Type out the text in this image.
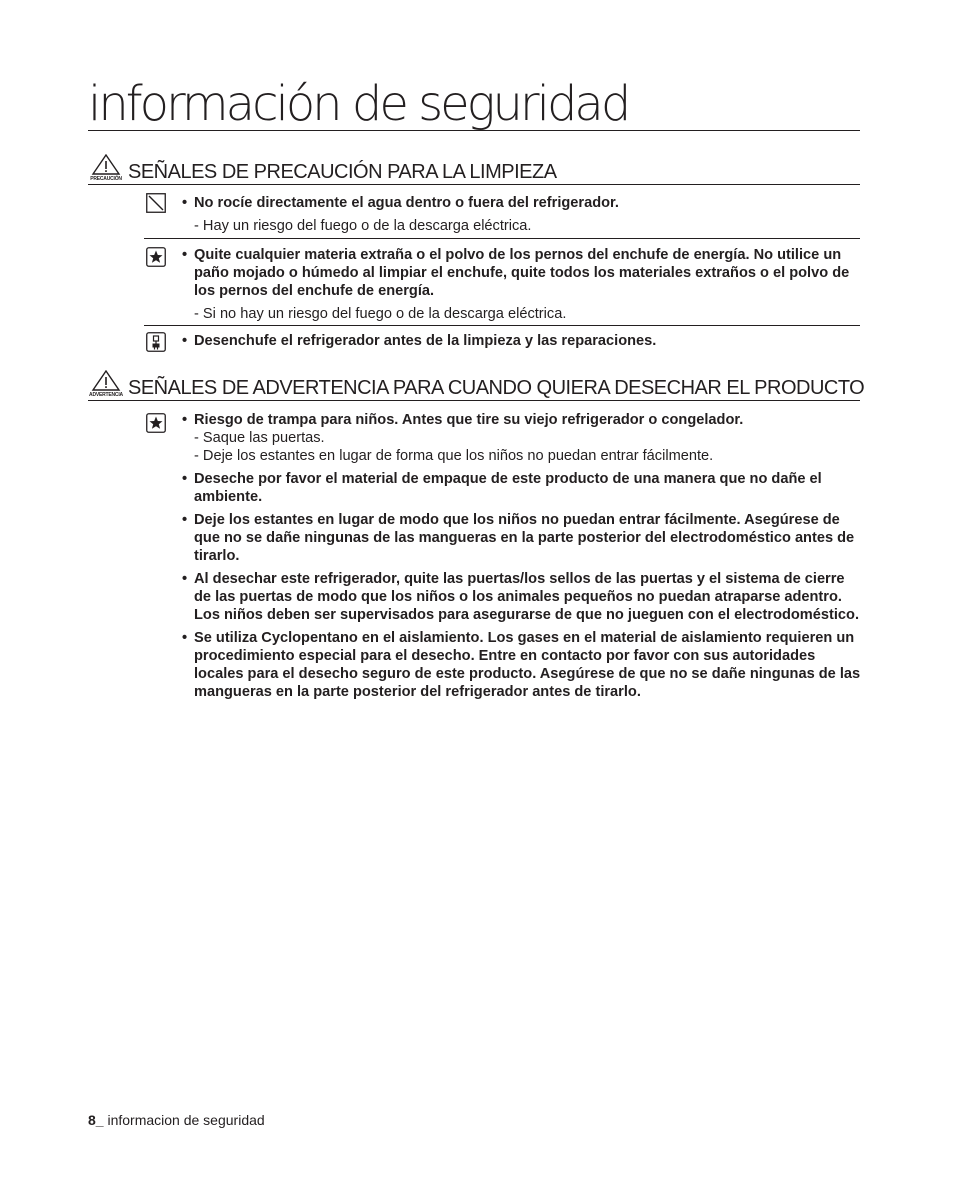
información de seguridad
PRECAUCIÓN SEÑALES DE PRECAUCIÓN PARA LA LIMPIEZA
• No rocíe directamente el agua dentro o fuera del refrigerador.
- Hay un riesgo del fuego o de la descarga eléctrica.
• Quite cualquier materia extraña o el polvo de los pernos del enchufe de energía. No utilice un paño mojado o húmedo al limpiar el enchufe, quite todos los materiales extraños o el polvo de los pernos del enchufe de energía.
- Si no hay un riesgo del fuego o de la descarga eléctrica.
• Desenchufe el refrigerador antes de la limpieza y las reparaciones.
ADVERTENCIA SEÑALES DE ADVERTENCIA PARA CUANDO QUIERA DESECHAR EL PRODUCTO
• Riesgo de trampa para niños. Antes que tire su viejo refrigerador o congelador.
- Saque las puertas.
- Deje los estantes en lugar de forma que los niños no puedan entrar fácilmente.
• Deseche por favor el material de empaque de este producto de una manera que no dañe el ambiente.
• Deje los estantes en lugar de modo que los niños no puedan entrar fácilmente. Asegúrese de que no se dañe ningunas de las mangueras en la parte posterior del electrodoméstico antes de tirarlo.
• Al desechar este refrigerador, quite las puertas/los sellos de las puertas y el sistema de cierre de las puertas de modo que los niños o los animales pequeños no puedan atraparse adentro. Los niños deben ser supervisados para asegurarse de que no jueguen con el electrodoméstico.
• Se utiliza Cyclopentano en el aislamiento. Los gases en el material de aislamiento requieren un procedimiento especial para el desecho. Entre en contacto por favor con sus autoridades locales para el desecho seguro de este producto. Asegúrese de que no se dañe ningunas de las mangueras en la parte posterior del refrigerador antes de tirarlo.
8_ informacion de seguridad
